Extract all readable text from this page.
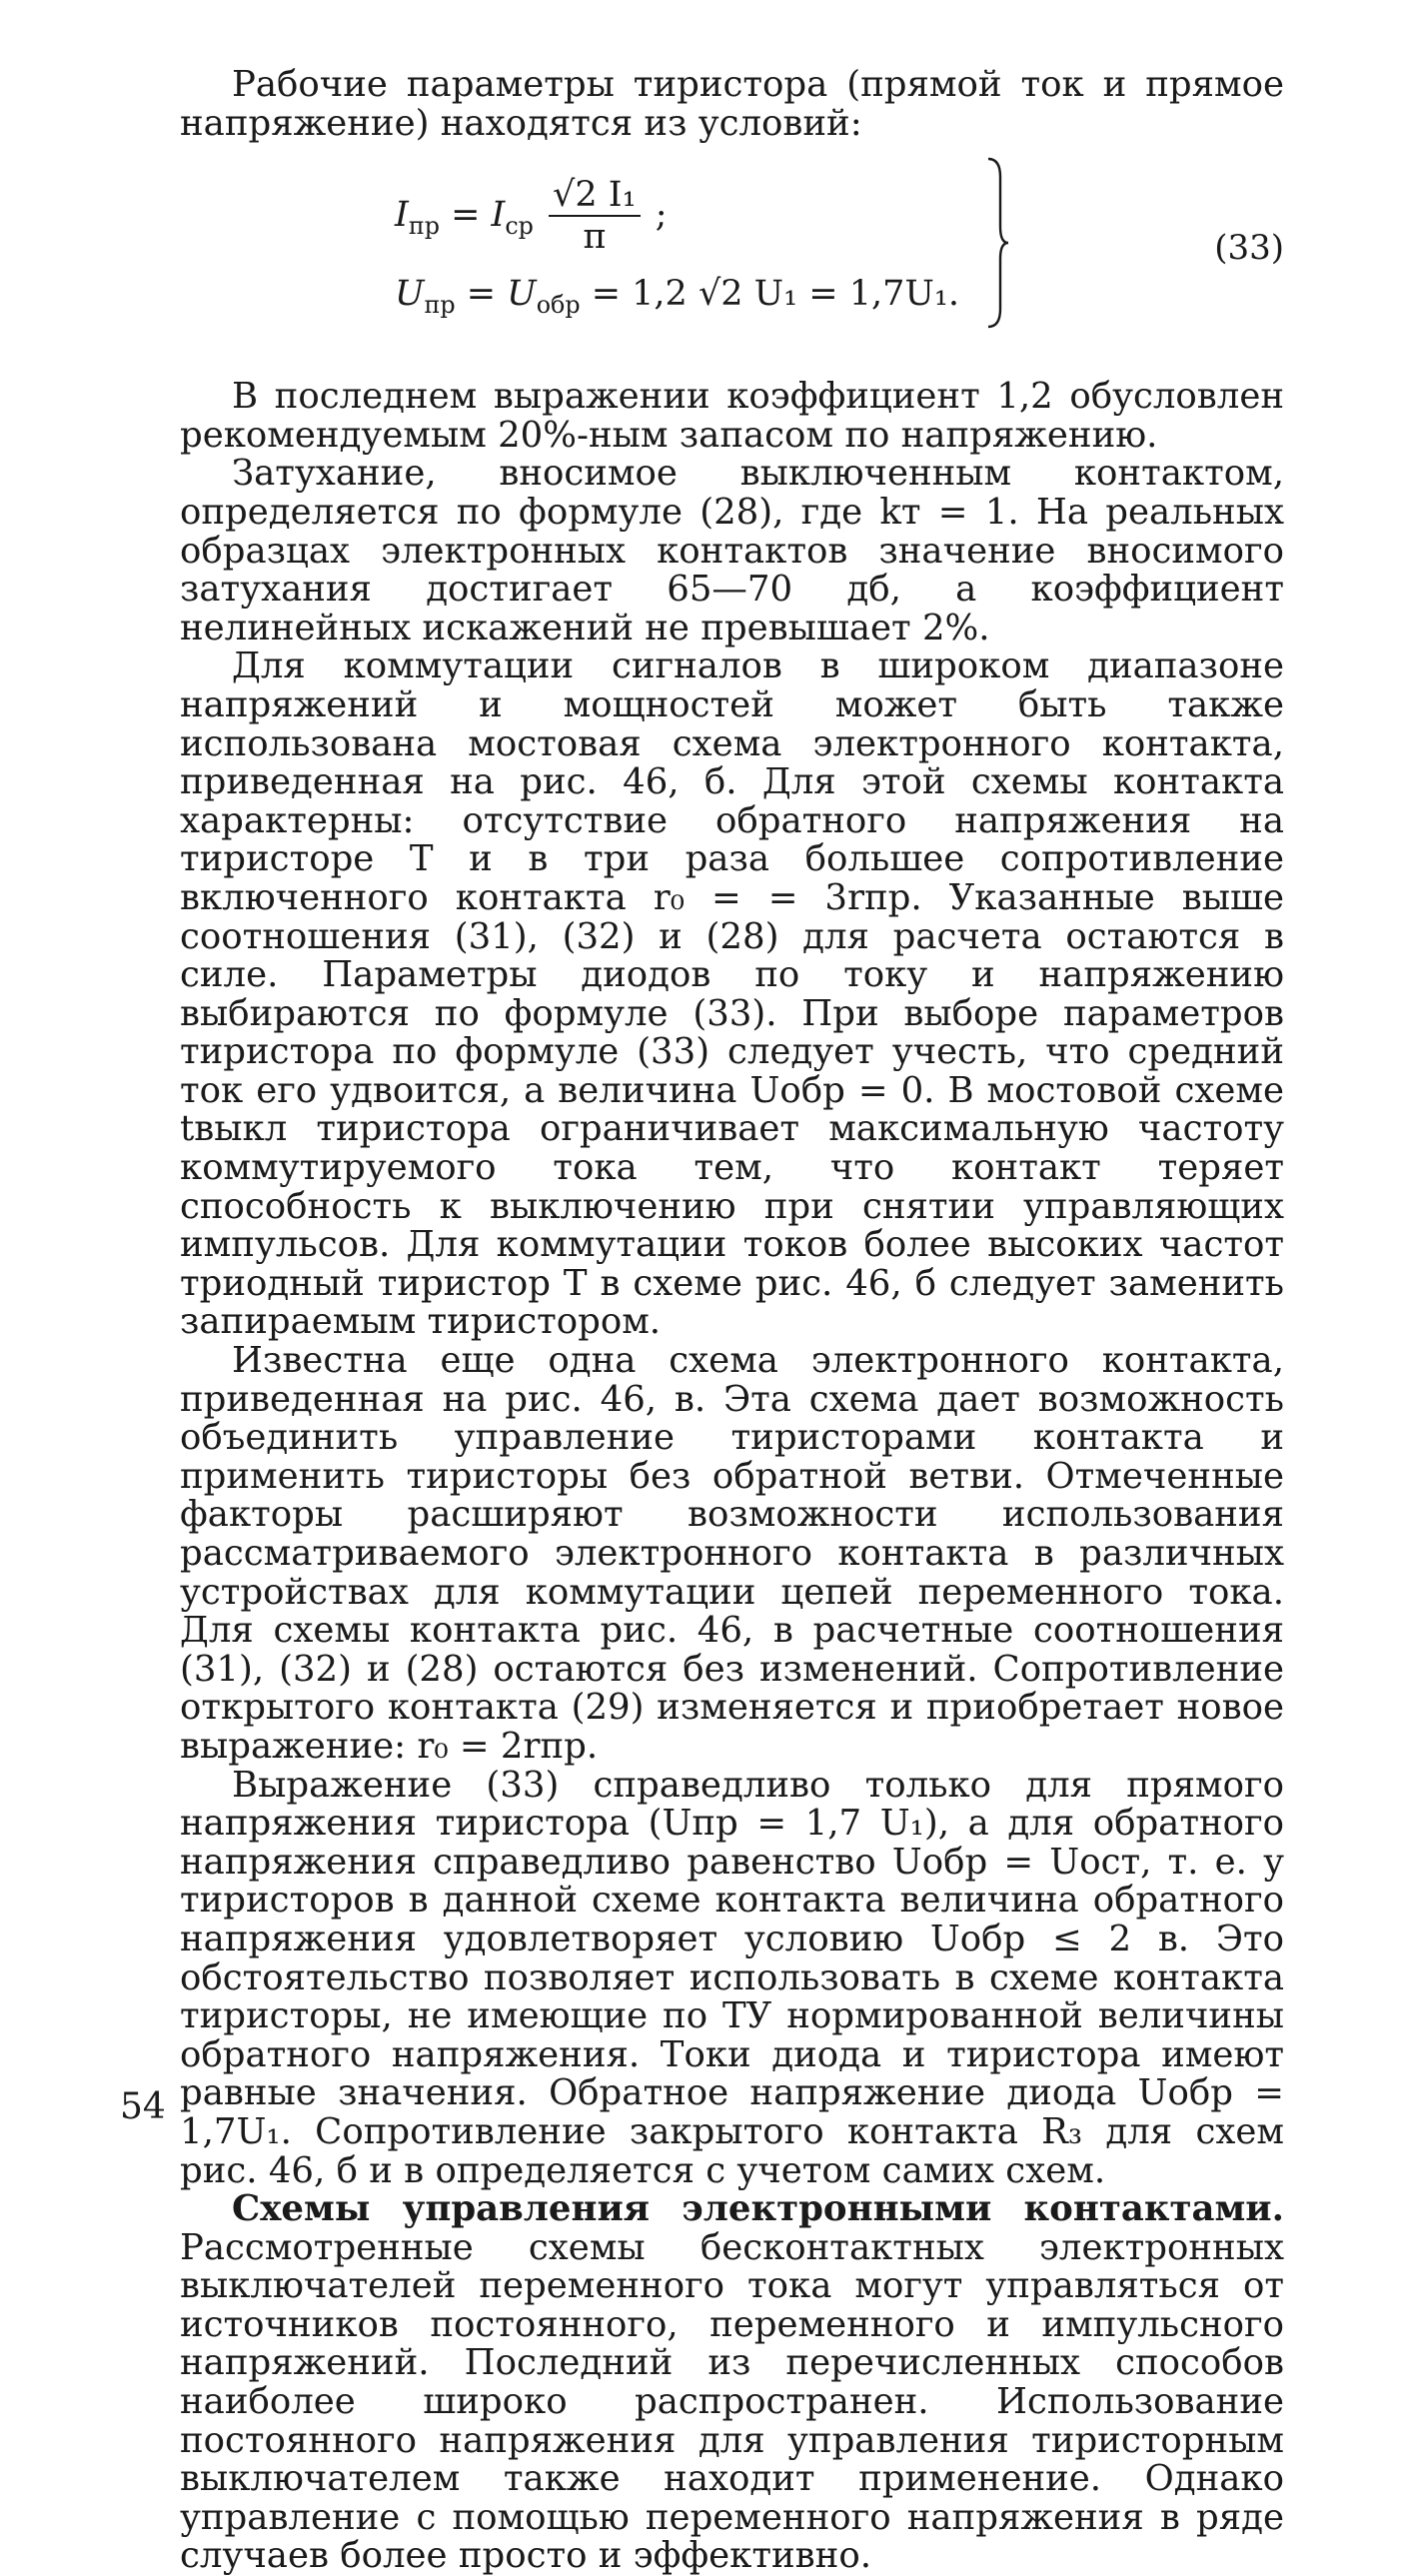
Рабочие параметры тиристора (прямой ток и прямое напряжение) находятся из условий:

$I_{пр} = I_{ср} \frac{\text{√2 I₁}}{\pi}$ ;
$U_{пр} = U_{обр} = 1,2$ √2 U₁ = 1,7U₁.
(33)

В последнем выражении коэффициент 1,2 обусловлен рекомендуемым 20%-ным запасом по напряжению.

Затухание, вносимое выключенным контактом, определяется по формуле (28), где kт = 1. На реальных образцах электронных контактов значение вносимого затухания достигает 65—70 дб, а коэффициент нелинейных искажений не превышает 2%.

Для коммутации сигналов в широком диапазоне напряжений и мощностей может быть также использована мостовая схема электронного контакта, приведенная на рис. 46, б. Для этой схемы контакта характерны: отсутствие обратного напряжения на тиристоре T и в три раза большее сопротивление включенного контакта r₀ = = 3rпр. Указанные выше соотношения (31), (32) и (28) для расчета остаются в силе. Параметры диодов по току и напряжению выбираются по формуле (33). При выборе параметров тиристора по формуле (33) следует учесть, что средний ток его удвоится, а величина Uобр = 0. В мостовой схеме tвыкл тиристора ограничивает максимальную частоту коммутируемого тока тем, что контакт теряет способность к выключению при снятии управляющих импульсов. Для коммутации токов более высоких частот триодный тиристор T в схеме рис. 46, б следует заменить запираемым тиристором.

Известна еще одна схема электронного контакта, приведенная на рис. 46, в. Эта схема дает возможность объединить управление тиристорами контакта и применить тиристоры без обратной ветви. Отмеченные факторы расширяют возможности использования рассматриваемого электронного контакта в различных устройствах для коммутации цепей переменного тока. Для схемы контакта рис. 46, в расчетные соотношения (31), (32) и (28) остаются без изменений. Сопротивление открытого контакта (29) изменяется и приобретает новое выражение: r₀ = 2rпр.

Выражение (33) справедливо только для прямого напряжения тиристора (Uпр = 1,7 U₁), а для обратного напряжения справедливо равенство Uобр = Uост, т. е. у тиристоров в данной схеме контакта величина обратного напряжения удовлетворяет условию Uобр ≤ 2 в. Это обстоятельство позволяет использовать в схеме контакта тиристоры, не имеющие по ТУ нормированной величины обратного напряжения. Токи диода и тиристора имеют равные значения. Обратное напряжение диода Uобр = 1,7U₁. Сопротивление закрытого контакта R₃ для схем рис. 46, б и в определяется с учетом самих схем.

Схемы управления электронными контактами. Рассмотренные схемы бесконтактных электронных выключателей переменного тока могут управляться от источников постоянного, переменного и импульсного напряжений. Последний из перечисленных способов наиболее широко распространен. Использование постоянного напряжения для управления тиристорным выключателем также находит применение. Однако управление с помощью переменного напряжения в ряде случаев более просто и эффективно.

54
